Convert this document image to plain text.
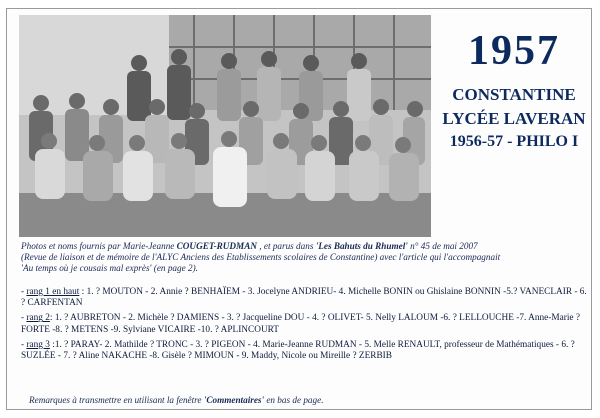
1957
CONSTANTINE
LYCÉE LAVERAN
1956-57 - PHILO I
Photos et noms fournis par Marie-Jeanne COUGET-RUDMAN , et parus dans 'Les Bahuts du Rhumel' n° 45 de mai 2007
(Revue de liaison et de mémoire de l'ALYC Anciens des Etablissements scolaires de Constantine) avec l'article qui l'accompagnait
'Au temps où je cousais mal exprès' (en page 2).
- rang 1 en haut : 1. ? MOUTON - 2. Annie ? BENHAÏEM - 3. Jocelyne ANDRIEU- 4. Michelle BONIN ou Ghislaine BONNIN -5.? VANECLAIR - 6. ? CARFENTAN
- rang 2: 1. ? AUBRETON - 2. Michèle ? DAMIENS - 3. ? Jacqueline DOU - 4. ? OLIVET- 5. Nelly LALOUM -6. ? LELLOUCHE -7. Anne-Marie ? FORTE -8. ? METENS -9. Sylviane VICAIRE -10. ? APLINCOURT
- rang 3 :1. ? PARAY- 2. Mathilde ? TRONC - 3. ? PIGEON - 4. Marie-Jeanne RUDMAN - 5. Melle RENAULT, professeur de Mathématiques - 6. ? SUZLÉE - 7. ? Aline NAKACHE -8. Gisèle ? MIMOUN - 9. Maddy, Nicole ou Mireille ? ZERBIB
Remarques à transmettre en utilisant la fenêtre 'Commentaires' en bas de page.
